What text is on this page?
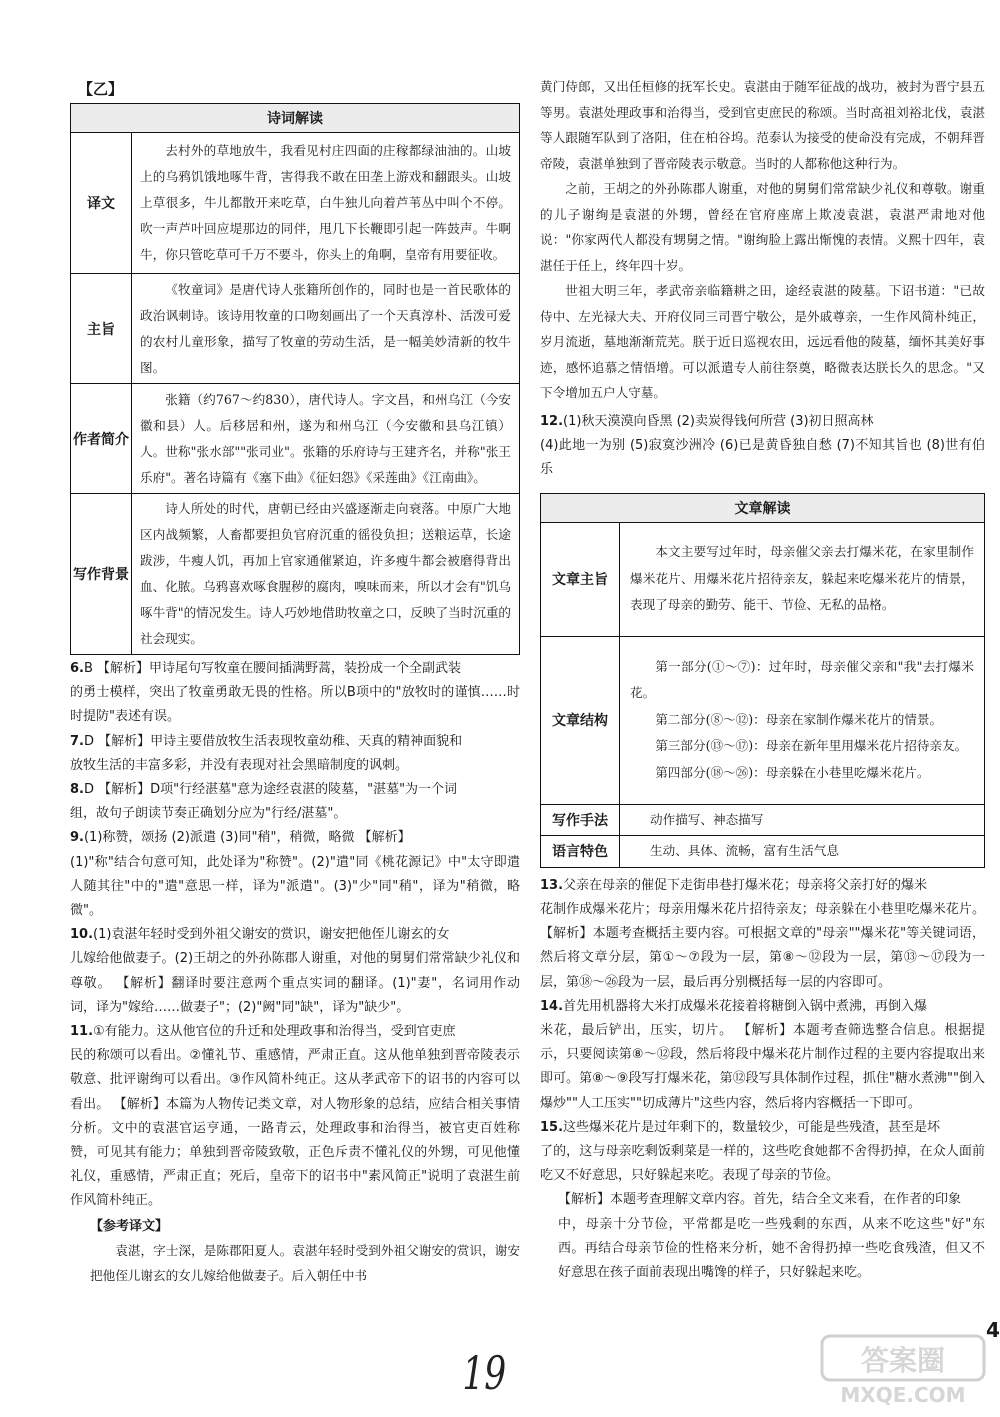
【乙】
诗词解读	
译文	去村外的草地放牛，我看见村庄四面的庄稼都绿油油的。山坡上的乌鸦饥饿地啄牛背，害得我不敢在田垄上游戏和翻跟头。山坡上草很多，牛儿都散开来吃草，白牛独儿向着芦苇丛中叫个不停。吹一声芦叶回应堤那边的同伴，甩几下长鞭即引起一阵鼓声。牛啊牛，你只管吃草可千万不要斗，你头上的角啊，皇帝有用要征收。
主旨	《牧童词》是唐代诗人张籍所创作的，同时也是一首民歌体的政治讽刺诗。该诗用牧童的口吻刻画出了一个天真淳朴、活泼可爱的农村儿童形象，描写了牧童的劳动生活，是一幅美妙清新的牧牛图。
作者简介	张籍（约767～约830），唐代诗人。字文昌，和州乌江（今安徽和县）人。后移居和州，遂为和州乌江（今安徽和县乌江镇）人。世称"张水部""张司业"。张籍的乐府诗与王建齐名，并称"张王乐府"。著名诗篇有《塞下曲》《征妇怨》《采莲曲》《江南曲》。
写作背景	诗人所处的时代，唐朝已经由兴盛逐渐走向衰落。中原广大地区内战频繁，人畜都要担负官府沉重的徭役负担；送粮运草，长途跋涉，牛瘦人饥，再加上官家通催紧迫，许多瘦牛都会被磨得背出血、化脓。乌鸦喜欢啄食腥秽的腐肉，嗅味而来，所以才会有"饥乌啄牛背"的情况发生。诗人巧妙地借助牧童之口，反映了当时沉重的社会现实。

6.B 【解析】甲诗尾句写牧童在腰间插满野蒿，装扮成一个全副武装
的勇士模样，突出了牧童勇敢无畏的性格。所以B项中的"放牧时的谨慎……时时提防"表述有误。

7.D 【解析】甲诗主要借放牧生活表现牧童幼稚、天真的精神面貌和
放牧生活的丰富多彩，并没有表现对社会黑暗制度的讽刺。

8.D 【解析】D项"行经湛墓"意为途经袁湛的陵墓，"湛墓"为一个词
组，故句子朗读节奏正确划分应为"行经/湛墓"。

9.(1)称赞，颂扬 (2)派遣 (3)同"稍"，稍微，略微 【解析】
(1)"称"结合句意可知，此处译为"称赞"。(2)"遣"同《桃花源记》中"太守即遣人随其往"中的"遣"意思一样，译为"派遣"。(3)"少"同"稍"，译为"稍微，略微"。

10.(1)袁湛年轻时受到外祖父谢安的赏识，谢安把他侄儿谢玄的女
儿嫁给他做妻子。(2)王胡之的外孙陈郡人谢重，对他的舅舅们常常缺少礼仪和尊敬。 【解析】翻译时要注意两个重点实词的翻译。(1)"妻"，名词用作动词，译为"嫁给……做妻子"；(2)"阙"同"缺"，译为"缺少"。

11.①有能力。这从他官位的升迁和处理政事和治得当，受到官吏庶
民的称颂可以看出。②懂礼节、重感情，严肃正直。这从他单独到晋帝陵表示敬意、批评谢绚可以看出。③作风简朴纯正。这从孝武帝下的诏书的内容可以看出。 【解析】本篇为人物传记类文章，对人物形象的总结，应结合相关事情分析。文中的袁湛官运亨通，一路青云，处理政事和治得当，被官吏百姓称赞，可见其有能力；单独到晋帝陵致敬，正色斥责不懂礼仪的外甥，可见他懂礼仪，重感情，严肃正直；死后，皇帝下的诏书中"素风简正"说明了袁湛生前作风简朴纯正。

【参考译文】

袁湛，字士深，是陈郡阳夏人。袁湛年轻时受到外祖父谢安的赏识，谢安把他侄儿谢玄的女儿嫁给他做妻子。后入朝任中书

黄门侍郎，又出任桓修的抚军长史。袁湛由于随军征战的战功，被封为晋宁县五等男。袁湛处理政事和治得当，受到官吏庶民的称颂。当时高祖刘裕北伐，袁湛等人跟随军队到了洛阳，住在柏谷坞。范泰认为接受的使命没有完成，不朝拜晋帝陵，袁湛单独到了晋帝陵表示敬意。当时的人都称他这种行为。

之前，王胡之的外孙陈郡人谢重，对他的舅舅们常常缺少礼仪和尊敬。谢重的儿子谢绚是袁湛的外甥，曾经在官府座席上欺凌袁湛，袁湛严肃地对他说："你家两代人都没有甥舅之情。"谢绚脸上露出惭愧的表情。义熙十四年，袁湛任于任上，终年四十岁。

世祖大明三年，孝武帝亲临籍耕之田，途经袁湛的陵墓。下诏书道："已故侍中、左光禄大夫、开府仪同三司晋宁敬公，是外戚尊亲，一生作风简朴纯正，岁月流逝，墓地渐渐荒芜。朕于近日巡视农田，远远看他的陵墓，缅怀其美好事迹，感怀追慕之情悟增。可以派遣专人前往祭奠，略微表达朕长久的思念。"又下令增加五户人守墓。

12.(1)秋天漠漠向昏黑 (2)卖炭得钱何所营 (3)初日照高林
(4)此地一为别 (5)寂寞沙洲冷 (6)已是黄昏独自愁 (7)不知其旨也 (8)世有伯乐

文章解读	
文章主旨	本文主要写过年时，母亲催父亲去打爆米花，在家里制作爆米花片、用爆米花片招待亲友，躲起来吃爆米花片的情景，表现了母亲的勤劳、能干、节俭、无私的品格。
文章结构	第一部分(①～⑦)：过年时，母亲催父亲和"我"去打爆米花。
第二部分(⑧～⑫)：母亲在家制作爆米花片的情景。
第三部分(⑬～⑰)：母亲在新年里用爆米花片招待亲友。
第四部分(⑱～㉖)：母亲躲在小巷里吃爆米花片。

写作手法	动作描写、神态描写
语言特色	生动、具体、流畅，富有生活气息

13.父亲在母亲的催促下走街串巷打爆米花；母亲将父亲打好的爆米
花制作成爆米花片；母亲用爆米花片招待亲友；母亲躲在小巷里吃爆米花片。 【解析】本题考查概括主要内容。可根据文章的"母亲""爆米花"等关键词语，然后将文章分层，第①～⑦段为一层，第⑧～⑫段为一层，第⑬～⑰段为一层，第⑱～㉖段为一层，最后再分别概括每一层的内容即可。

14.首先用机器将大米打成爆米花接着将糖倒入锅中煮沸，再倒入爆
米花，最后铲出，压实，切片。 【解析】本题考查筛选整合信息。根据提示，只要阅读第⑧～⑫段，然后将段中爆米花片制作过程的主要内容提取出来即可。第⑧～⑨段写打爆米花，第⑫段写具体制作过程，抓住"糖水煮沸""倒入爆炒""人工压实""切成薄片"这些内容，然后将内容概括一下即可。

15.这些爆米花片是过年剩下的，数量较少，可能是些残渣，甚至是坏
了的，这与母亲吃剩饭剩菜是一样的，这些吃食她都不舍得扔掉，在众人面前吃又不好意思，只好躲起来吃。表现了母亲的节俭。

【解析】本题考查理解文章内容。首先，结合全文来看，在作者的印象
中，母亲十分节俭，平常都是吃一些残剩的东西，从来不吃这些"好"东西。再结合母亲节俭的性格来分析，她不舍得扔掉一些吃食残渣，但又不好意思在孩子面前表现出嘴馋的样子，只好躲起来吃。

4
19	答案圈
MXQE.COM
